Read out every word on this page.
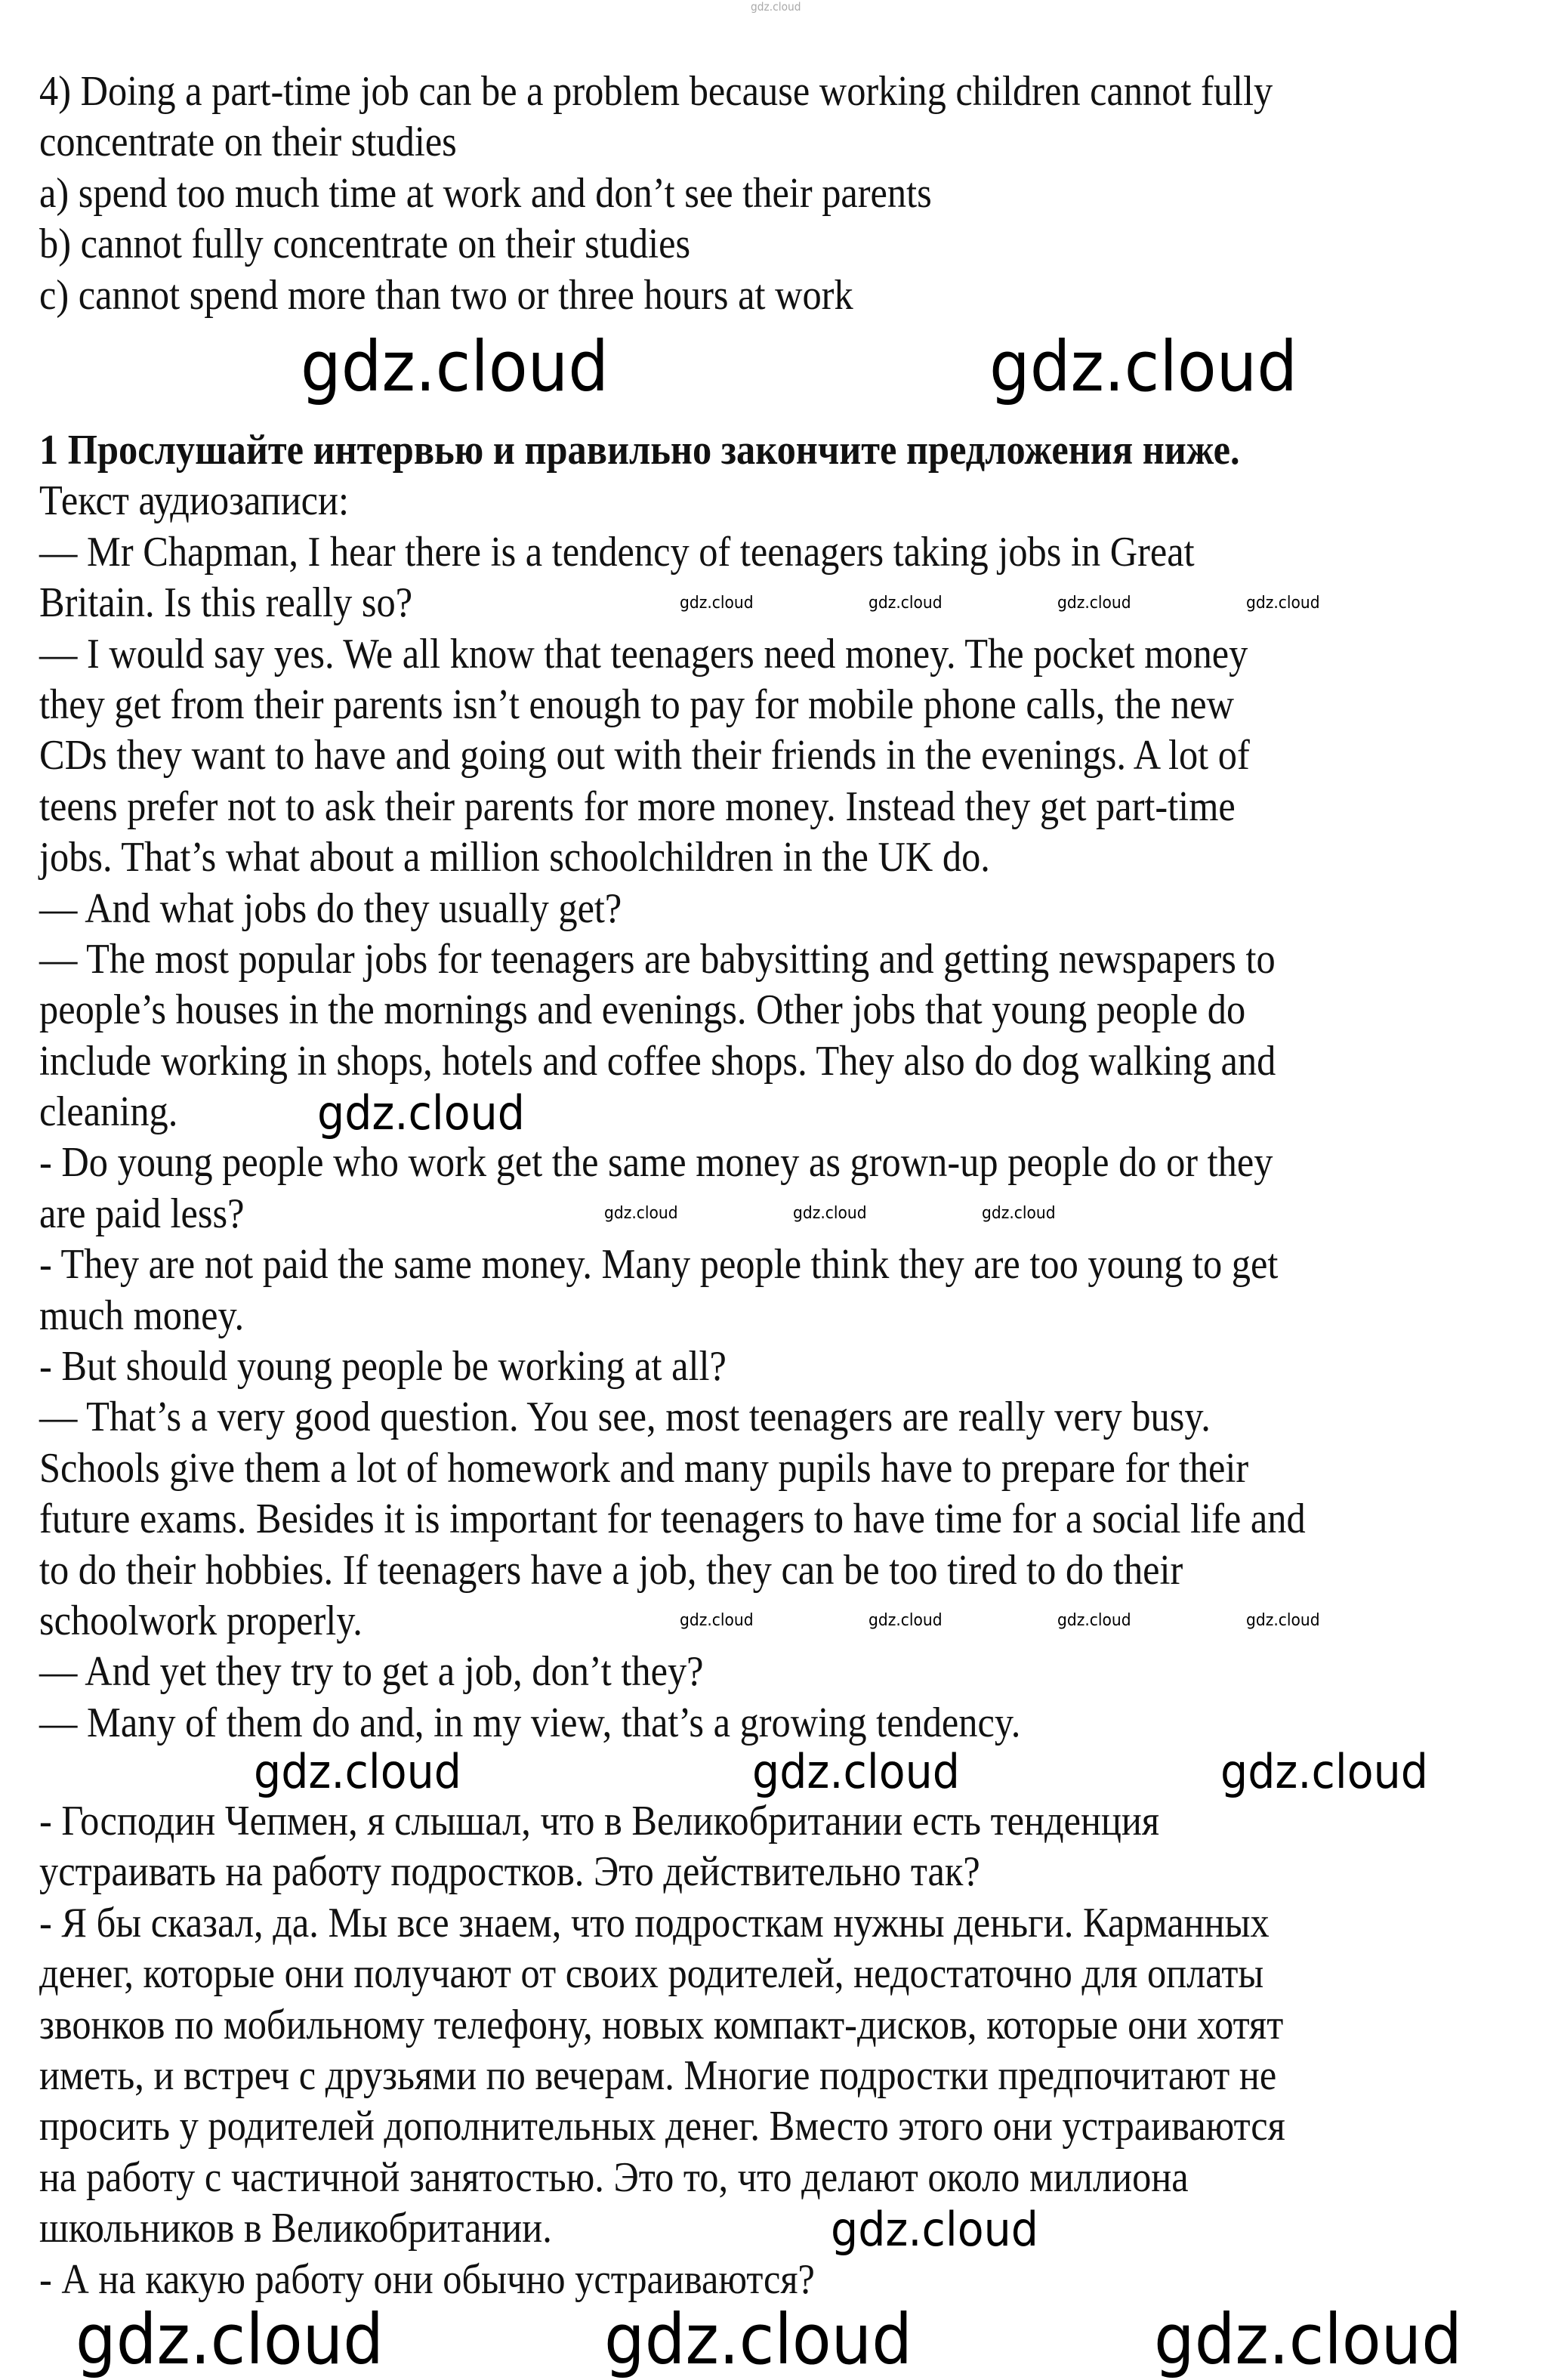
4) Doing a part-time job can be a problem because working children cannot fully
concentrate on their studies
a) spend too much time at work and don’t see their parents
b) cannot fully concentrate on their studies
c) cannot spend more than two or three hours at work
1 Прослушайте интервью и правильно закончите предложения ниже.
Текст аудиозаписи:
— Mr Chapman, I hear there is a tendency of teenagers taking jobs in Great
Britain. Is this really so?
— I would say yes. We all know that teenagers need money. The pocket money
they get from their parents isn’t enough to pay for mobile phone calls, the new
CDs they want to have and going out with their friends in the evenings. A lot of
teens prefer not to ask their parents for more money. Instead they get part-time
jobs. That’s what about a million schoolchildren in the UK do.
— And what jobs do they usually get?
— The most popular jobs for teenagers are babysitting and getting newspapers to
people’s houses in the mornings and evenings. Other jobs that young people do
include working in shops, hotels and coffee shops. They also do dog walking and
cleaning.
- Do young people who work get the same money as grown-up people do or they
are paid less?
- They are not paid the same money. Many people think they are too young to get
much money.
- But should young people be working at all?
— That’s a very good question. You see, most teenagers are really very busy.
Schools give them a lot of homework and many pupils have to prepare for their
future exams. Besides it is important for teenagers to have time for a social life and
to do their hobbies. If teenagers have a job, they can be too tired to do their
schoolwork properly.
— And yet they try to get a job, don’t they?
— Many of them do and, in my view, that’s a growing tendency.
- Господин Чепмен, я слышал, что в Великобритании есть тенденция
устраивать на работу подростков. Это действительно так?
- Я бы сказал, да. Мы все знаем, что подросткам нужны деньги. Карманных
денег, которые они получают от своих родителей, недостаточно для оплаты
звонков по мобильному телефону, новых компакт-дисков, которые они хотят
иметь, и встреч с друзьями по вечерам. Многие подростки предпочитают не
просить у родителей дополнительных денег. Вместо этого они устраиваются
на работу с частичной занятостью. Это то, что делают около миллиона
школьников в Великобритании.
- А на какую работу они обычно устраиваются?
gdz.cloud
gdz.cloud	gdz.cloud
gdz.cloud	gdz.cloud	gdz.cloud	gdz.cloud
gdz.cloud
gdz.cloud	gdz.cloud	gdz.cloud
gdz.cloud	gdz.cloud	gdz.cloud	gdz.cloud
gdz.cloud	gdz.cloud	gdz.cloud
gdz.cloud
gdz.cloud	gdz.cloud	gdz.cloud
